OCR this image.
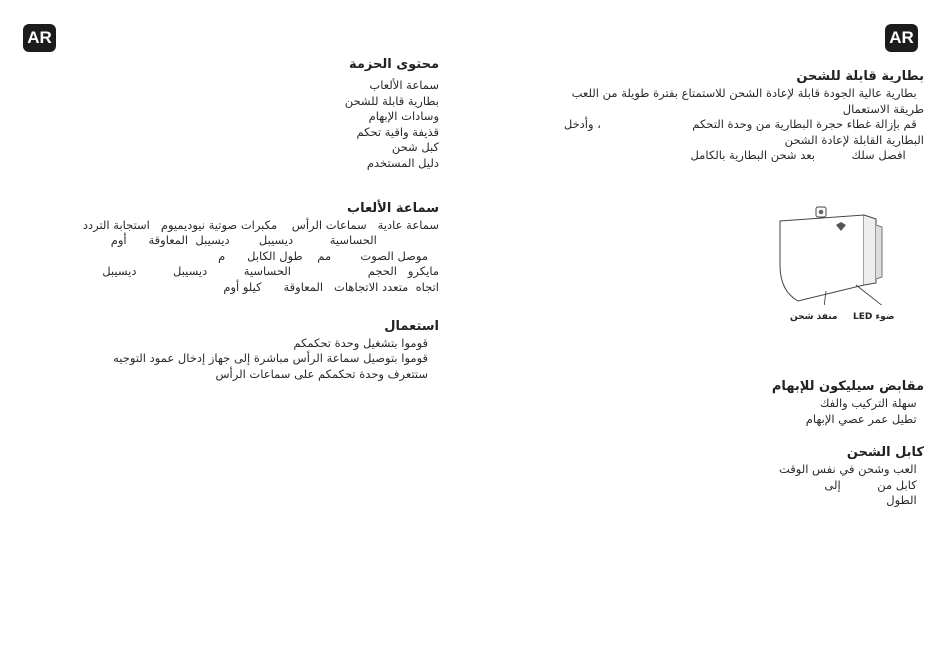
AR	AR
محتوى الحزمة
سماعة الألعاب
بطارية قابلة للشحن
وسادات الإبهام
قذيفة واقية تحكم
كبل شحن
دليل المستخدم
سماعة الألعاب
سماعة عادية   سماعات الرأس    مكبرات صوتية نيوديميوم   استجابة التردد
الحساسية          ديسيبل        ديسيبل  المعاوقة      أوم
موصل الصوت        مم    طول الكابل      م
مايكرو   الحجم                     الحساسية          ديسيبل          ديسيبل
اتجاه  متعدد الاتجاهات   المعاوقة      كيلو أوم
استعمال
قوموا بتشغيل وحدة تحكمكم
قوموا بتوصيل سماعة الرأس مباشرة إلى جهاز إدخال عمود التوجيه
ستتعرف وحدة تحكمكم على سماعات الرأس
بطارية قابلة للشحن
بطارية عالية الجودة قابلة لإعادة الشحن للاستمتاع بفترة طويلة من اللعب
طريقة الاستعمال
قم بإزالة غطاء حجرة البطارية من وحدة التحكم                         ، وأدخل
البطارية القابلة لإعادة الشحن
افصل سلك          بعد شحن البطارية بالكامل
ضوء LED
منفذ شحن
مقابض سيليكون للإبهام
سهلة التركيب والفك
تطيل عمر عصي الإبهام
كابل الشحن
العب وشحن في نفس الوقت
كابل من          إلى
الطول
